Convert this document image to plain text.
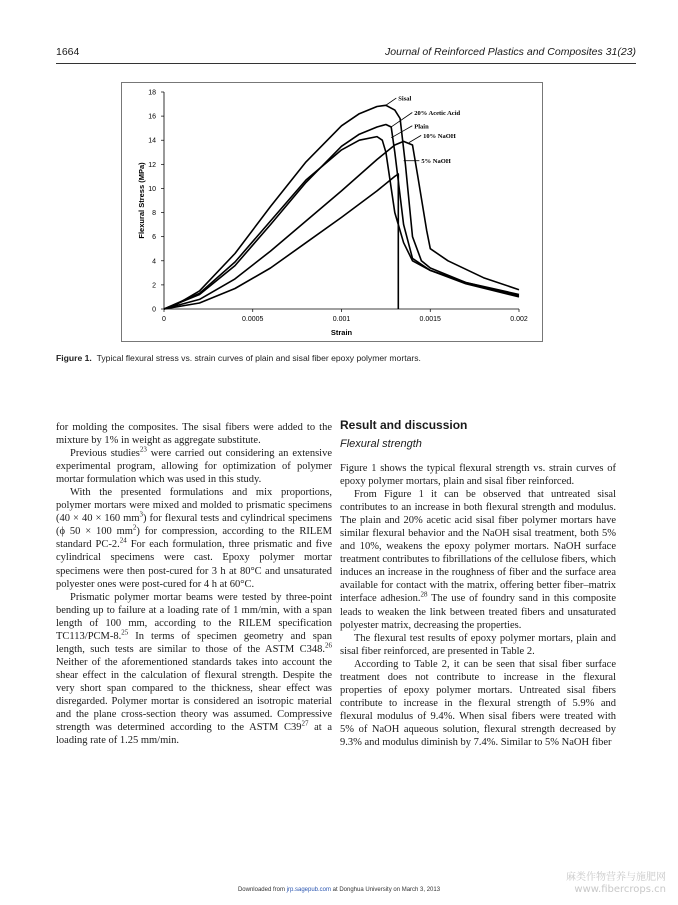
1664	Journal of Reinforced Plastics and Composites 31(23)
0
2
4
6
8
10
12
14
16
18
0	0.0005	0.001	0.0015	0.002
Strain
Flexural Stress (MPa)
Sisal
20% Acetic Acid
Plain
10% NaOH
5% NaOH
Figure 1. Typical flexural stress vs. strain curves of plain and sisal fiber epoxy polymer mortars.

for molding the composites. The sisal fibers were added to the mixture by 1% in weight as aggregate substitute.

Previous studies$^{23}$ were carried out considering an extensive experimental program, allowing for optimization of polymer mortar formulation which was used in this study.

With the presented formulations and mix proportions, polymer mortars were mixed and molded to prismatic specimens (40 × 40 × 160 $mm^3$) for flexural tests and cylindrical specimens (ϕ 50 × 100 $mm^2$) for compression, according to the RILEM standard PC-2.24 For each formulation, three prismatic and five cylindrical specimens were cast. Epoxy polymer mortar specimens were then post-cured for 3 h at 80°C and unsaturated polyester ones were post-cured for 4 h at 60°C.

Prismatic polymer mortar beams were tested by three-point bending up to failure at a loading rate of 1 mm/min, with a span length of 100 mm, according to the RILEM specification TC113/PCM-8.25 In terms of specimen geometry and span length, such tests are similar to those of the ASTM C348.26 Neither of the aforementioned standards takes into account the shear effect in the calculation of flexural strength. Despite the very short span compared to the thickness, shear effect was disregarded. Polymer mortar is considered an isotropic material and the plane cross-section theory was assumed. Compressive strength was determined according to the ASTM $C39^{27}$ at a loading rate of 1.25 mm/min.

Result and discussion
Flexural strength

Figure 1 shows the typical flexural strength vs. strain curves of epoxy polymer mortars, plain and sisal fiber reinforced.

From Figure 1 it can be observed that untreated sisal contributes to an increase in both flexural strength and modulus. The plain and 20% acetic acid sisal fiber polymer mortars have similar flexural behavior and the NaOH sisal treatment, both 5% and 10%, weakens the epoxy polymer mortars. NaOH surface treatment contributes to fibrillations of the cellulose fibers, which induces an increase in the roughness of fiber and the surface area available for contact with the matrix, offering better fiber–matrix interface adhesion.$^{28}$ The use of foundry sand in this composite leads to weaken the link between treated fibers and unsaturated polyester matrix, decreasing the properties.

The flexural test results of epoxy polymer mortars, plain and sisal fiber reinforced, are presented in Table 2.

According to Table 2, it can be seen that sisal fiber surface treatment does not contribute to increase in the flexural properties of epoxy polymer mortars. Untreated sisal fibers contribute to increase in the flexural strength of 5.9% and flexural modulus of 9.4%. When sisal fibers were treated with 5% of NaOH aqueous solution, flexural strength decreased by 9.3% and modulus diminish by 7.4%. Similar to 5% NaOH fiber

Downloaded from jrp.sagepub.com at Donghua University on March 3, 2013
麻类作物营养与施肥网
www.fibercrops.cn
